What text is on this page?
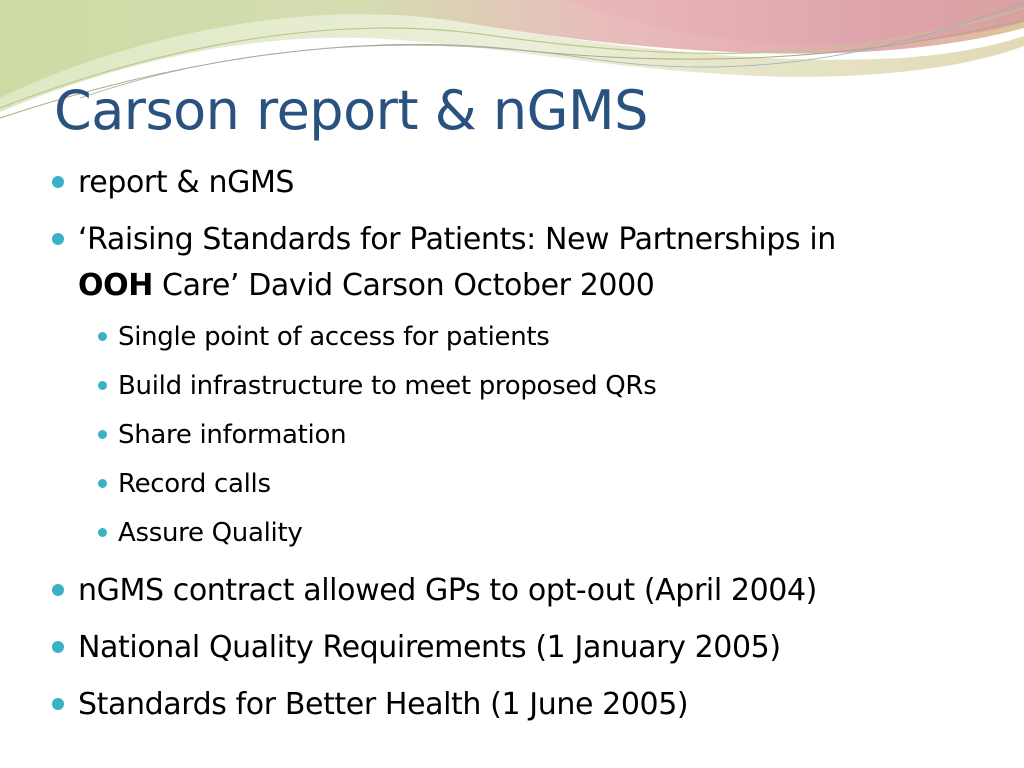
Carson report & nGMS
report & nGMS
‘Raising Standards for Patients: New Partnerships in
OOH Care’ David Carson October 2000
Single point of access for patients
Build infrastructure to meet proposed QRs
Share information
Record calls
Assure Quality
nGMS contract allowed GPs to opt-out (April 2004)
National Quality Requirements (1 January 2005)
Standards for Better Health (1 June 2005)
